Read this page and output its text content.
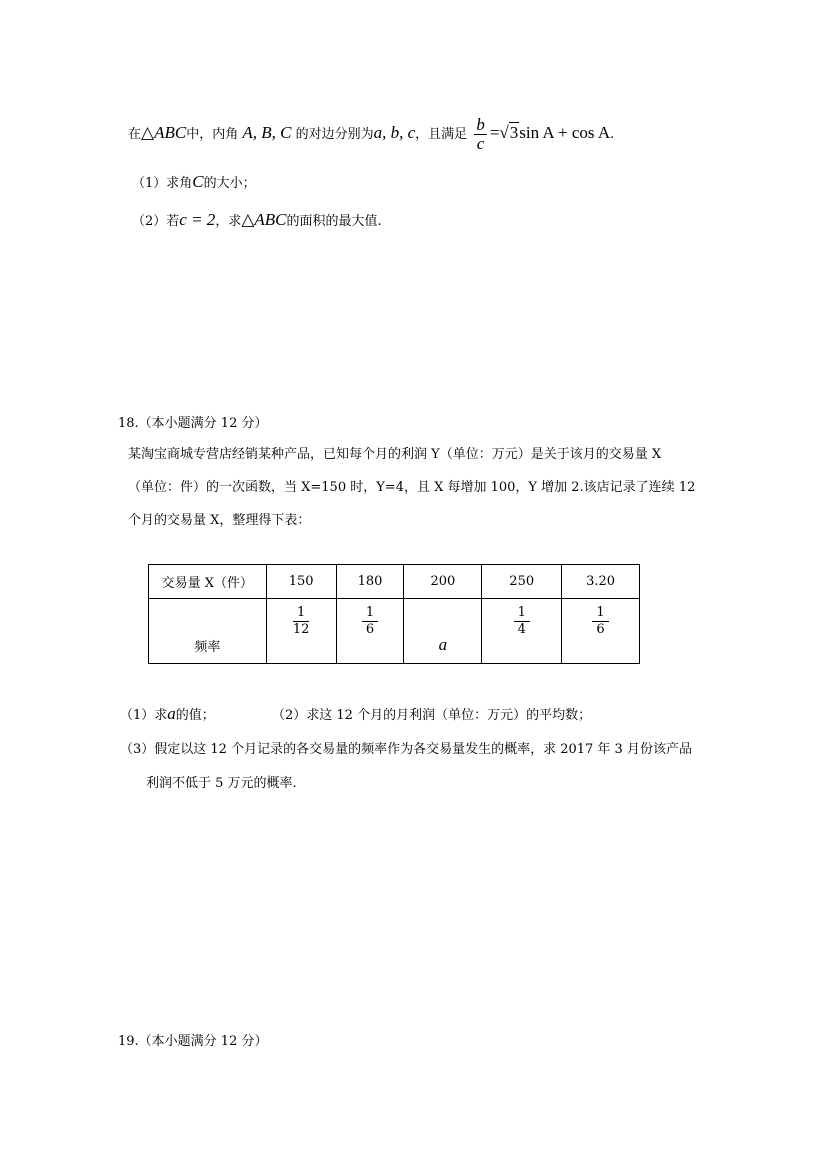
在△ABC中，内角 A, B, C 的对边分别为a, b, c，且满足 $\frac{b}{c} =√3\sin$ A + cos A.
（1）求角C的大小；
（2）若c = 2，求△ABC的面积的最大值.
18.（本小题满分 12 分）
某淘宝商城专营店经销某种产品，已知每个月的利润 Y（单位：万元）是关于该月的交易量 X
（单位：件）的一次函数，当 X=150 时，Y=4，且 X 每增加 100，Y 增加 2.该店记录了连续 12
个月的交易量 X，整理得下表：
交易量 X（件）	150	180	200	250	3.20
频率	$\frac{1}{12}$	$\frac{1}{6}$	a	$\frac{1}{4}$	$\frac{1}{6}$
（1）求a的值；	（2）求这 12 个月的月利润（单位：万元）的平均数；
（3）假定以这 12 个月记录的各交易量的频率作为各交易量发生的概率，求 2017 年 3 月份该产品
利润不低于 5 万元的概率.
19.（本小题满分 12 分）
